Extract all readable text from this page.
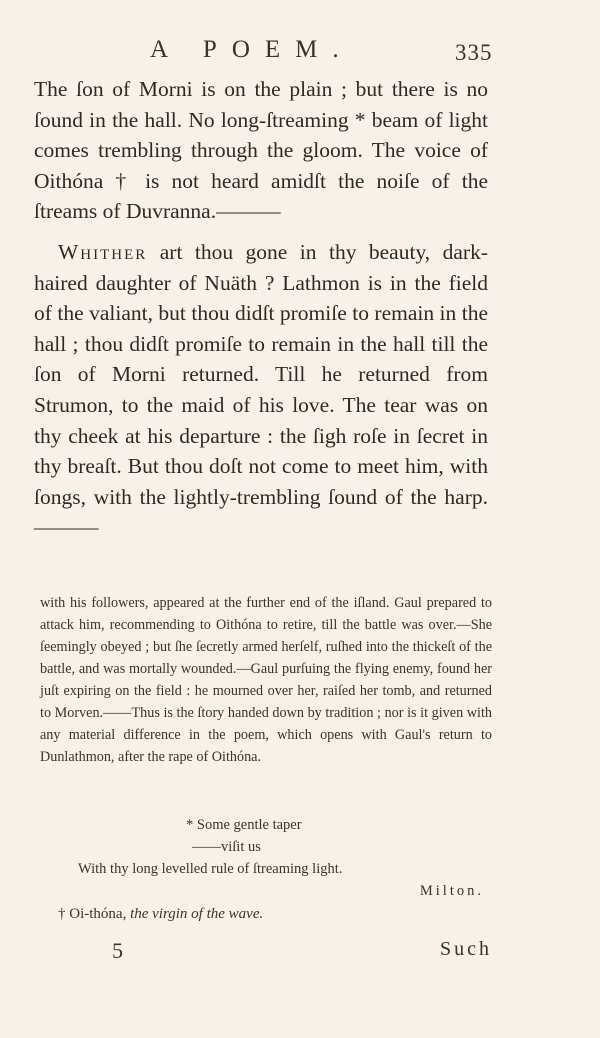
A POEM.	335

The ſon of Morni is on the plain ; but there is no ſound in the hall. No long-ſtreaming * beam of light comes trembling through the gloom. The voice of Oithóna † is not heard amidſt the noiſe of the ſtreams of Duvranna.———

Whither art thou gone in thy beauty, dark-haired daughter of Nuäth ? Lathmon is in the field of the valiant, but thou didſt promiſe to remain in the hall ; thou didſt promiſe to remain in the hall till the ſon of Morni returned. Till he returned from Strumon, to the maid of his love. The tear was on thy cheek at his departure : the ſigh roſe in ſecret in thy breaſt. But thou doſt not come to meet him, with ſongs, with the lightly-trembling ſound of the harp.———

with his followers, appeared at the further end of the iſland. Gaul prepared to attack him, recommending to Oithóna to retire, till the battle was over.—She ſeemingly obeyed ; but ſhe ſecretly armed herſelf, ruſhed into the thickeſt of the battle, and was mortally wounded.—Gaul purſuing the flying enemy, found her juſt expiring on the field : he mourned over her, raiſed her tomb, and returned to Morven.——Thus is the ſtory handed down by tradition ; nor is it given with any material difference in the poem, which opens with Gaul's return to Dunlathmon, after the rape of Oithóna.
* Some gentle taper
——viſit us
With thy long levelled rule of ſtreaming light.
Milton.
† Oi-thóna, the virgin of the wave.
5	Such
